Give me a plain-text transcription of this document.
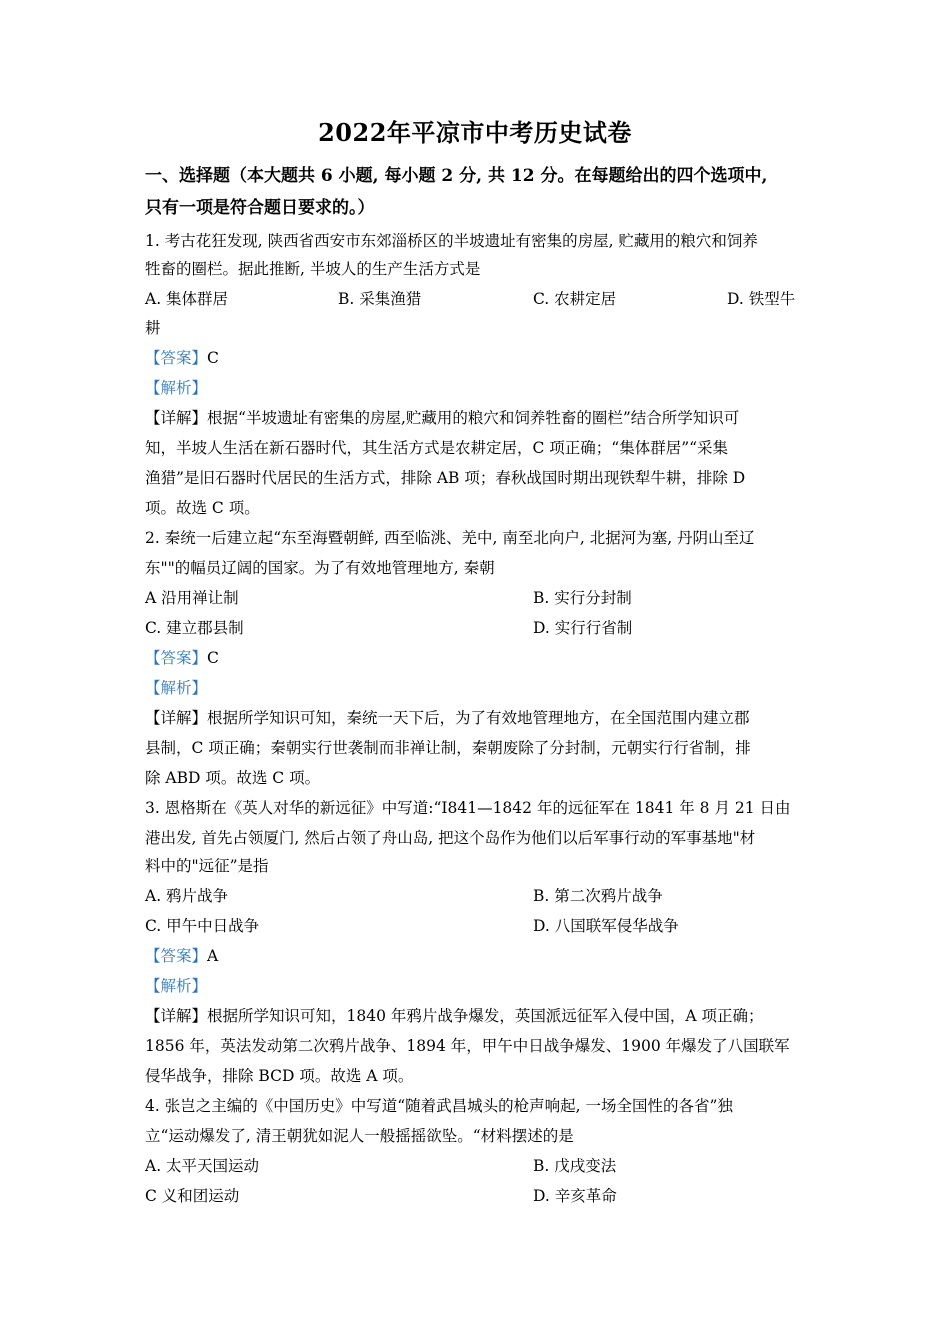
2022年平凉市中考历史试卷
一、选择题（本大题共 6 小题, 每小题 2 分, 共 12 分。在每题给出的四个选项中,
只有一项是符合题日要求的。）
1. 考古花狂发现, 陕西省西安市东郊淄桥区的半坡遗址有密集的房屋, 贮藏用的粮穴和饲养
牲畜的圈栏。据此推断, 半坡人的生产生活方式是
A. 集体群居	B. 采集渔猎	C. 农耕定居	D. 铁型牛
耕
【答案】C
【解析】
【详解】根据“半坡遗址有密集的房屋,贮藏用的粮穴和饲养牲畜的圈栏”结合所学知识可
知，半坡人生活在新石器时代，其生活方式是农耕定居，C 项正确；“集体群居”“采集
渔猎”是旧石器时代居民的生活方式，排除 AB 项；春秋战国时期出现铁犁牛耕，排除 D
项。故选 C 项。
2. 秦统一后建立起“东至海暨朝鲜, 西至临洮、羌中, 南至北向户, 北据河为塞, 丹阴山至辽
东""的幅员辽阔的国家。为了有效地管理地方, 秦朝
A 沿用禅让制	B. 实行分封制
C. 建立郡县制	D. 实行行省制
【答案】C
【解析】
【详解】根据所学知识可知，秦统一天下后，为了有效地管理地方，在全国范围内建立郡
县制，C 项正确；秦朝实行世袭制而非禅让制，秦朝废除了分封制，元朝实行行省制，排
除 ABD 项。故选 C 项。
3. 恩格斯在《英人对华的新远征》中写道:“I841—1842 年的远征军在 1841 年 8 月 21 日由
港出发, 首先占领厦门, 然后占领了舟山岛, 把这个岛作为他们以后军事行动的军事基地"材
料中的"远征”是指
A. 鸦片战争	B. 第二次鸦片战争
C. 甲午中日战争	D. 八国联军侵华战争
【答案】A
【解析】
【详解】根据所学知识可知，1840 年鸦片战争爆发，英国派远征军入侵中国，A 项正确；
1856 年，英法发动第二次鸦片战争、1894 年，甲午中日战争爆发、1900 年爆发了八国联军
侵华战争，排除 BCD 项。故选 A 项。
4. 张岂之主编的《中国历史》中写道“随着武昌城头的枪声响起, 一场全国性的各省”独
立“运动爆发了, 清王朝犹如泥人一般摇摇欲坠。“材料摆述的是
A. 太平天国运动	B. 戊戌变法
C 义和团运动	D. 辛亥革命
